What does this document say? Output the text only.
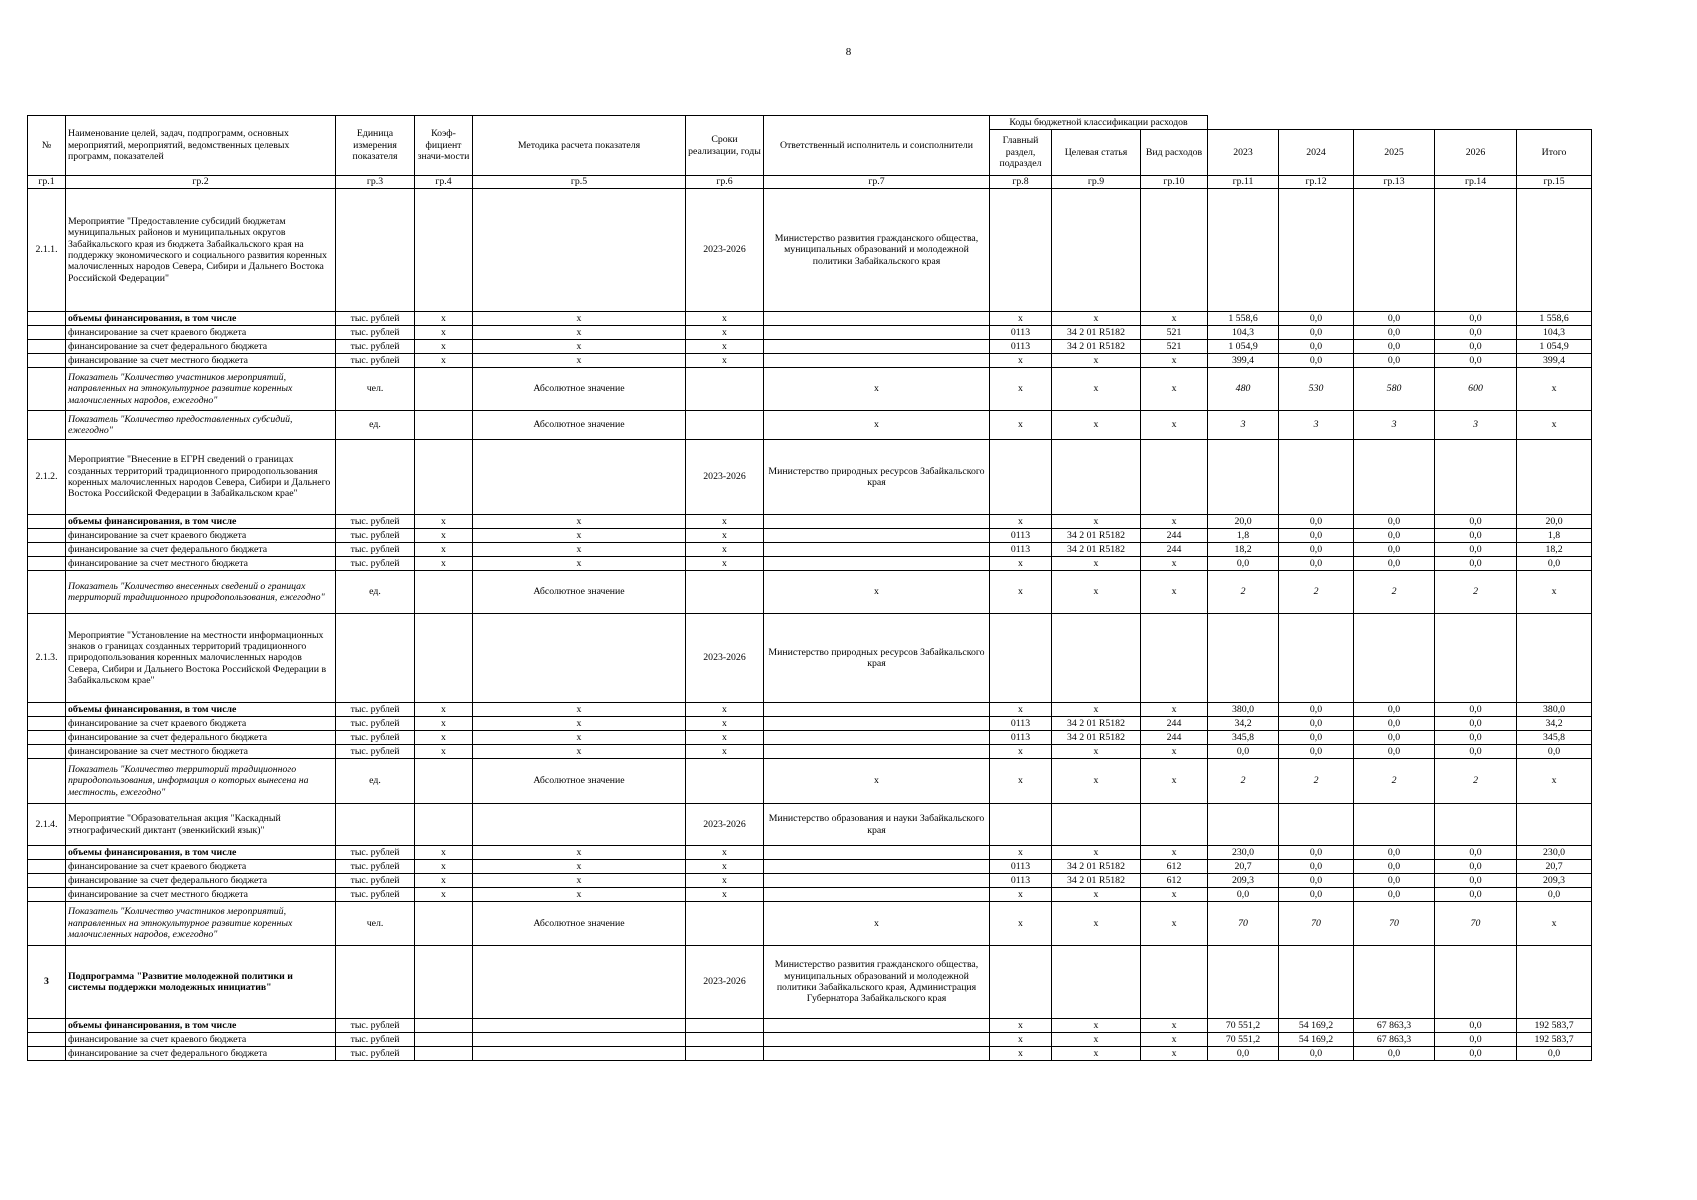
8
№	Наименование целей, задач, подпрограмм, основных мероприятий, мероприятий, ведомственных целевых программ, показателей	Единица измерения показателя	Коэф-фициент значи-мости	Методика расчета показателя	Сроки реализации, годы	Ответственный исполнитель и соисполнители	Коды бюджетной классификации расходов							
							Главный раздел, подраздел	Целевая статья	Вид расходов	2023	2024	2025	2026	Итого
гр.1	гр.2	гр.3	гр.4	гр.5	гр.6	гр.7	гр.8	гр.9	гр.10	гр.11	гр.12	гр.13	гр.14	гр.15
2.1.1.	Мероприятие "Предоставление субсидий бюджетам муниципальных районов и муниципальных округов Забайкальского края из бюджета Забайкальского края на поддержку экономического и социального развития коренных малочисленных народов Севера, Сибири и Дальнего Востока Российской Федерации"				2023-2026	Министерство развития гражданского общества, муниципальных образований и молодежной политики Забайкальского края								
	объемы финансирования, в том числе	тыс. рублей	х	х	х		х	х	х	1 558,6	0,0	0,0	0,0	1 558,6
	финансирование за счет краевого бюджета	тыс. рублей	х	х	х		0113	34 2 01 R5182	521	104,3	0,0	0,0	0,0	104,3
	финансирование за счет федерального бюджета	тыс. рублей	х	х	х		0113	34 2 01 R5182	521	1 054,9	0,0	0,0	0,0	1 054,9
	финансирование за счет местного бюджета	тыс. рублей	х	х	х		х	х	х	399,4	0,0	0,0	0,0	399,4
	Показатель "Количество участников мероприятий, направленных на этнокультурное развитие коренных малочисленных народов, ежегодно"	чел.		Абсолютное значение		х	х	х	х	480	530	580	600	х
	Показатель "Количество предоставленных субсидий, ежегодно"	ед.		Абсолютное значение		х	х	х	х	3	3	3	3	х
2.1.2.	Мероприятие "Внесение в ЕГРН сведений о границах созданных территорий традиционного природопользования коренных малочисленных народов Севера, Сибири и Дальнего Востока Российской Федерации в Забайкальском крае"				2023-2026	Министерство природных ресурсов Забайкальского края								
	объемы финансирования, в том числе	тыс. рублей	х	х	х		х	х	х	20,0	0,0	0,0	0,0	20,0
	финансирование за счет краевого бюджета	тыс. рублей	х	х	х		0113	34 2 01 R5182	244	1,8	0,0	0,0	0,0	1,8
	финансирование за счет федерального бюджета	тыс. рублей	х	х	х		0113	34 2 01 R5182	244	18,2	0,0	0,0	0,0	18,2
	финансирование за счет местного бюджета	тыс. рублей	х	х	х		х	х	х	0,0	0,0	0,0	0,0	0,0
	Показатель "Количество внесенных сведений о границах территорий традиционного природопользования, ежегодно"	ед.		Абсолютное значение		х	х	х	х	2	2	2	2	х
2.1.3.	Мероприятие "Установление на местности информационных знаков о границах созданных территорий традиционного природопользования коренных малочисленных народов Севера, Сибири и Дальнего Востока Российской Федерации в Забайкальском крае"				2023-2026	Министерство природных ресурсов Забайкальского края								
	объемы финансирования, в том числе	тыс. рублей	х	х	х		х	х	х	380,0	0,0	0,0	0,0	380,0
	финансирование за счет краевого бюджета	тыс. рублей	х	х	х		0113	34 2 01 R5182	244	34,2	0,0	0,0	0,0	34,2
	финансирование за счет федерального бюджета	тыс. рублей	х	х	х		0113	34 2 01 R5182	244	345,8	0,0	0,0	0,0	345,8
	финансирование за счет местного бюджета	тыс. рублей	х	х	х		х	х	х	0,0	0,0	0,0	0,0	0,0
	Показатель "Количество территорий традиционного природопользования, информация о которых вынесена на местность, ежегодно"	ед.		Абсолютное значение		х	х	х	х	2	2	2	2	х
2.1.4.	Мероприятие "Образовательная акция "Каскадный этнографический диктант (эвенкийский язык)"				2023-2026	Министерство образования и науки Забайкальского края								
	объемы финансирования, в том числе	тыс. рублей	х	х	х		х	х	х	230,0	0,0	0,0	0,0	230,0
	финансирование за счет краевого бюджета	тыс. рублей	х	х	х		0113	34 2 01 R5182	612	20,7	0,0	0,0	0,0	20,7
	финансирование за счет федерального бюджета	тыс. рублей	х	х	х		0113	34 2 01 R5182	612	209,3	0,0	0,0	0,0	209,3
	финансирование за счет местного бюджета	тыс. рублей	х	х	х		х	х	х	0,0	0,0	0,0	0,0	0,0
	Показатель "Количество участников мероприятий, направленных на этнокультурное развитие коренных малочисленных народов, ежегодно"	чел.		Абсолютное значение		х	х	х	х	70	70	70	70	х
3	Подпрограмма "Развитие молодежной политики и системы поддержки молодежных инициатив"				2023-2026	Министерство развития гражданского общества, муниципальных образований и молодежной политики Забайкальского края, Администрация Губернатора Забайкальского края								
	объемы финансирования, в том числе	тыс. рублей					х	х	х	70 551,2	54 169,2	67 863,3	0,0	192 583,7
	финансирование за счет краевого бюджета	тыс. рублей					х	х	х	70 551,2	54 169,2	67 863,3	0,0	192 583,7
	финансирование за счет федерального бюджета	тыс. рублей					х	х	х	0,0	0,0	0,0	0,0	0,0
